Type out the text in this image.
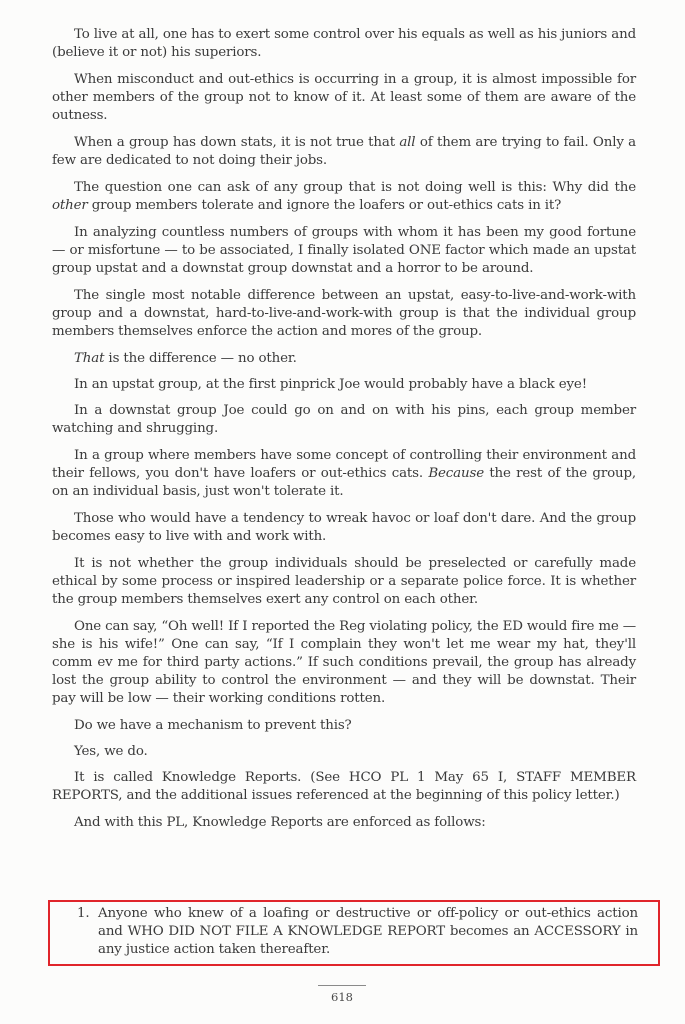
To live at all, one has to exert some control over his equals as well as his juniors and (believe it or not) his superiors.

When misconduct and out-ethics is occurring in a group, it is almost impossible for other members of the group not to know of it. At least some of them are aware of the outness.

When a group has down stats, it is not true that all of them are trying to fail. Only a few are dedicated to not doing their jobs.

The question one can ask of any group that is not doing well is this: Why did the other group members tolerate and ignore the loafers or out-ethics cats in it?

In analyzing countless numbers of groups with whom it has been my good fortune — or misfortune — to be associated, I finally isolated ONE factor which made an upstat group upstat and a downstat group downstat and a horror to be around.

The single most notable difference between an upstat, easy-to-live-and-work-with group and a downstat, hard-to-live-and-work-with group is that the individual group members themselves enforce the action and mores of the group.

That is the difference — no other.

In an upstat group, at the first pinprick Joe would probably have a black eye!

In a downstat group Joe could go on and on with his pins, each group member watching and shrugging.

In a group where members have some concept of controlling their environment and their fellows, you don't have loafers or out-ethics cats. Because the rest of the group, on an individual basis, just won't tolerate it.

Those who would have a tendency to wreak havoc or loaf don't dare. And the group becomes easy to live with and work with.

It is not whether the group individuals should be preselected or carefully made ethical by some process or inspired leadership or a separate police force. It is whether the group members themselves exert any control on each other.

One can say, “Oh well! If I reported the Reg violating policy, the ED would fire me — she is his wife!” One can say, “If I complain they won't let me wear my hat, they'll comm ev me for third party actions.” If such conditions prevail, the group has already lost the group ability to control the environment — and they will be downstat. Their pay will be low — their working conditions rotten.

Do we have a mechanism to prevent this?

Yes, we do.

It is called Knowledge Reports. (See HCO PL 1 May 65 I, STAFF MEMBER REPORTS, and the additional issues referenced at the beginning of this policy letter.)

And with this PL, Knowledge Reports are enforced as follows:

1. Anyone who knew of a loafing or destructive or off-policy or out-ethics action and WHO DID NOT FILE A KNOWLEDGE REPORT becomes an ACCESSORY in any justice action taken thereafter.
618
